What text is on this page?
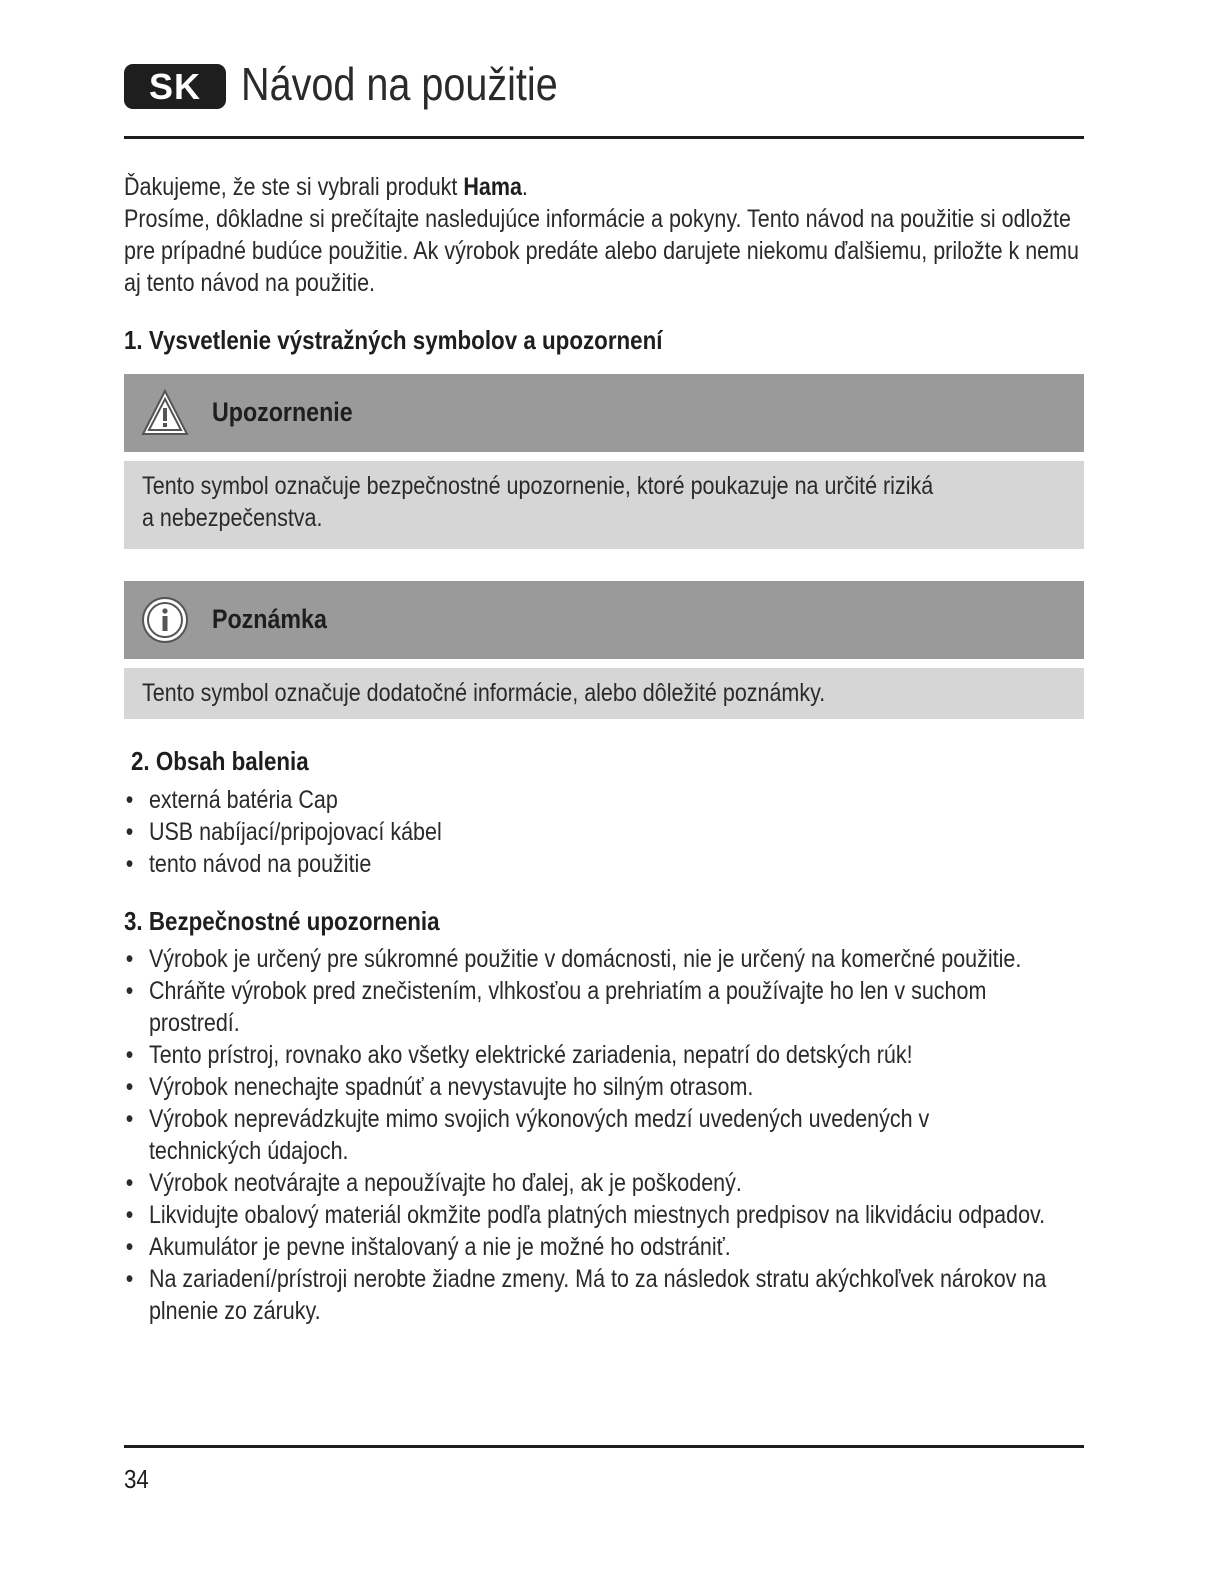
SK Návod na použitie

Ďakujeme, že ste si vybrali produkt Hama.

Prosíme, dôkladne si prečítajte nasledujúce informácie a pokyny. Tento návod na použitie si odložte pre prípadné budúce použitie. Ak výrobok predáte alebo darujete niekomu ďalšiemu, priložte k nemu aj tento návod na použitie.

1. Vysvetlenie výstražných symbolov a upozornení
Upozornenie
Tento symbol označuje bezpečnostné upozornenie, ktoré poukazuje na určité riziká
a nebezpečenstva.
Poznámka
Tento symbol označuje dodatočné informácie, alebo dôležité poznámky.
2. Obsah balenia
• externá batéria Cap
• USB nabíjací/pripojovací kábel
• tento návod na použitie
3. Bezpečnostné upozornenia
• Výrobok je určený pre súkromné použitie v domácnosti, nie je určený na komerčné použitie.
• Chráňte výrobok pred znečistením, vlhkosťou a prehriatím a používajte ho len v suchom prostredí.
• Tento prístroj, rovnako ako všetky elektrické zariadenia, nepatrí do detských rúk!
• Výrobok nenechajte spadnúť a nevystavujte ho silným otrasom.
• Výrobok neprevádzkujte mimo svojich výkonových medzí uvedených uvedených v technických údajoch.
• Výrobok neotvárajte a nepoužívajte ho ďalej, ak je poškodený.
• Likvidujte obalový materiál okmžite podľa platných miestnych predpisov na likvidáciu odpadov.
• Akumulátor je pevne inštalovaný a nie je možné ho odstrániť.
• Na zariadení/prístroji nerobte žiadne zmeny. Má to za následok stratu akýchkoľvek nárokov na plnenie zo záruky.
34
